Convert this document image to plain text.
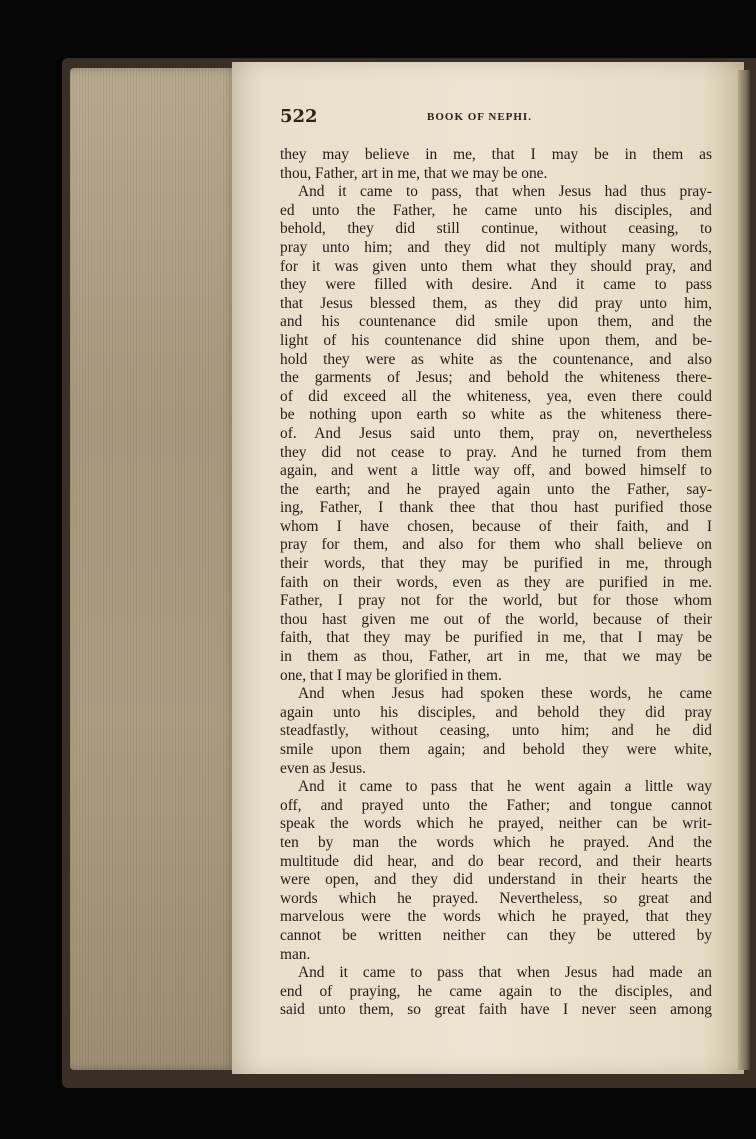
522	BOOK OF NEPHI.
they may believe in me, that I may be in them as
thou, Father, art in me, that we may be one.
And it came to pass, that when Jesus had thus pray-
ed unto the Father, he came unto his disciples, and
behold, they did still continue, without ceasing, to
pray unto him; and they did not multiply many words,
for it was given unto them what they should pray, and
they were filled with desire. And it came to pass
that Jesus blessed them, as they did pray unto him,
and his countenance did smile upon them, and the
light of his countenance did shine upon them, and be-
hold they were as white as the countenance, and also
the garments of Jesus; and behold the whiteness there-
of did exceed all the whiteness, yea, even there could
be nothing upon earth so white as the whiteness there-
of. And Jesus said unto them, pray on, nevertheless
they did not cease to pray. And he turned from them
again, and went a little way off, and bowed himself to
the earth; and he prayed again unto the Father, say-
ing, Father, I thank thee that thou hast purified those
whom I have chosen, because of their faith, and I
pray for them, and also for them who shall believe on
their words, that they may be purified in me, through
faith on their words, even as they are purified in me.
Father, I pray not for the world, but for those whom
thou hast given me out of the world, because of their
faith, that they may be purified in me, that I may be
in them as thou, Father, art in me, that we may be
one, that I may be glorified in them.
And when Jesus had spoken these words, he came
again unto his disciples, and behold they did pray
steadfastly, without ceasing, unto him; and he did
smile upon them again; and behold they were white,
even as Jesus.
And it came to pass that he went again a little way
off, and prayed unto the Father; and tongue cannot
speak the words which he prayed, neither can be writ-
ten by man the words which he prayed. And the
multitude did hear, and do bear record, and their hearts
were open, and they did understand in their hearts the
words which he prayed. Nevertheless, so great and
marvelous were the words which he prayed, that they
cannot be written neither can they be uttered by
man.
And it came to pass that when Jesus had made an
end of praying, he came again to the disciples, and
said unto them, so great faith have I never seen among
